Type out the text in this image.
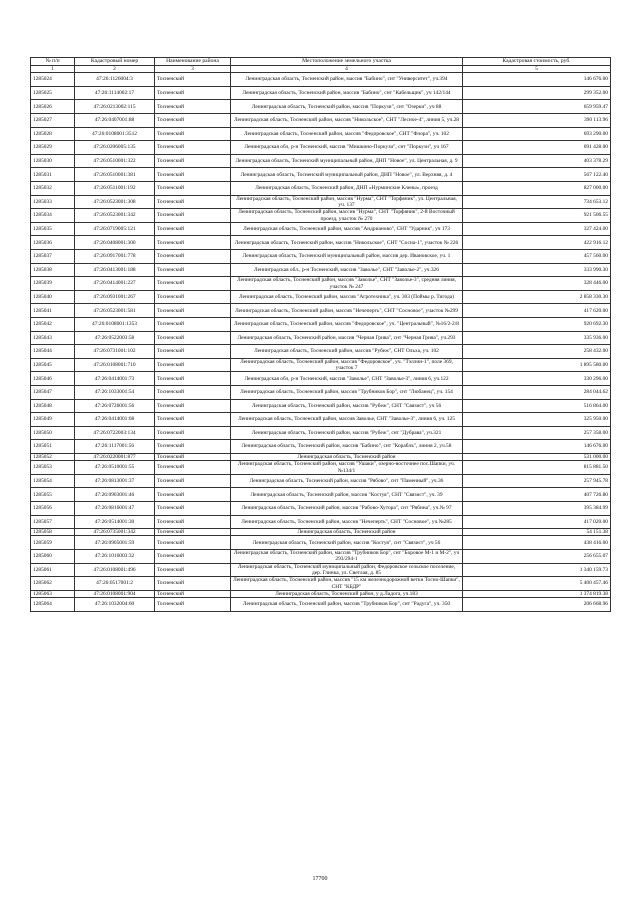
№ п/п	Кадастровый номер	Наименование района	Местоположение земельного участка	Кадастровая стоимость, руб.
1	2	3	4	5
1285024	47:26:1126004:3	Тосненский	Ленинградская область, Тосненский район, массив "Бабино", снт "Университет", уч.394	146 676.00
1285025	47:26:1114002:17	Тосненский	Ленинградская область, Тосненский район, массив "Бабино", снт "Кабельщик", уч 142/144	299 352.00
1285026	47:26:0213002:115	Тосненский	Ленинградская область, Тосненский район, массив "Поркузи", снт "Озерки", уч 88	659 959.47
1285027	47:26:0407001:88	Тосненский	Ленинградская область, Тосненский район, массив "Никольское", СНТ "Лесное-4", линия 5, уч.28	390 113.96
1285028	47:26:0108001:3512	Тосненский	Ленинградская область, Тосненский район, массив "Федоровское", СНТ "Флора", уч. 102	693 290.00
1285029	47:26:0206005:135	Тосненский	Ленинградская обл, р-н Тосненский, массив "Мишкино-Поркузи", снт "Поркузи", уч 167	691 428.00
1285030	47:26:0510001:322	Тосненский	Ленинградская область, Тосненский муниципальный район, ДНП "Новое", ул. Центральная, д. 9	403 378.29
1285031	47:26:0510001:381	Тосненский	Ленинградская область, Тосненский муниципальный район, ДНП "Новое", ул. Верхняя, д. 4	567 122.40
1285032	47:26:0511001:192	Тосненский	Ленинградская область, Тосненский район, ДНП «Нурминские Клены», проезд	827 000.00
1285033	47:26:0523001:308	Тосненский	Ленинградская область, Тосненский район, массив "Нурма", СНТ "Торфяник", ул. Центральная, уч. 137	734 653.12
1285034	47:26:0523001:342	Тосненский	Ленинградская область, Тосненский район, массив "Нурма", СНТ "Торфяник", 2-й Восточный проезд, участок № 270	921 506.55
1285035	47:26:0719005:121	Тосненский	Ленинградская область, Тосненский район, массив "Андрианово", СНТ "Ударник", уч 173	327 424.00
1285036	47:26:0408001:300	Тосненский	Ленинградская область, Тосненский район, массив "Никольское", СНТ "Сосна-1", участок № 226	422 916.12
1285037	47:26:0917001:778	Тосненский	Ленинградская область, Тосненский муниципальный район, массив дер. Ивановское, уч. 1	457 560.00
1285038	47:26:0413001:188	Тосненский	Ленинградская обл., р-н Тосненский, массив "Заволье", СНТ "Заволье-2", уч.326	333 990.30
1285039	47:26:0414001:227	Тосненский	Ленинградская область, Тосненский район, массив "Заволье", СНТ "Заволье-3", средняя линия, участок № 247	328 446.00
1285040	47:26:0931001:267	Тосненский	Ленинградская область, Тосненский район, массив "Агротехника", уч. 303 (Поймы р. Тигода)	2 858 330.30
1285041	47:26:0523001:581	Тосненский	Ленинградская область, Тосненский район, массив "Нечеперть", СНТ "Сосновое", участок №299	417 620.00
1285042	47:26:0108001:1353	Тосненский	Ленинградская область, Тосненский район, массив "Федоровское", уч. "Центральный", №16/2-2/8	920 692.30
1285043	47:26:0522003:58	Тосненский	Ленинградская область, Тосненский район, массив "Черная Грива", снт "Черная Грива", уч.293	335 936.00
1285044	47:26:0731001:102	Тосненский	Ленинградская область, Тосненский район, массив "Рубеж", СНТ Ольха, уч. 102	258 432.00
1285045	47:26:0108001:710	Тосненский	Ленинградская область, Тосненский район, массив "Федоровское", уч. "Тэллин-1", поле 369, участок 7	1 895 580.00
1285046	47:26:0414001:73	Тосненский	Ленинградская обл, р-н Тосненский, массив "Заволье", СНТ "Заволье-3", линия 6, уч.122	330 296.00
1285047	47:26:1033001:54	Тосненский	Ленинградская область, Тосненский район, массив "Трубников Бор", снт "Любанец", уч. 154	284 044.62
1285048	47:26:0726001:56	Тосненский	Ленинградская область, Тосненский район, массив "Рубеж", СНТ "Связист", уч 56	516 864.00
1285049	47:26:0414001:68	Тосненский	Ленинградская область, Тосненский район, массив Заволье, СНТ "Заволье-3", линия 6, уч. 125	325 950.00
1285050	47:26:0722003:134	Тосненский	Ленинградская область, Тосненский район, массив "Рубеж", снт "Дубрава", уч.321	257 358.00
1285051	47:26:1117001:56	Тосненский	Ленинградская область, Тосненский район, массив "Бабино", снт "Кораблъ", линия 2, уч.58	146 676.00
1285052	47:26:0220001:877	Тосненский	Ленинградская область, Тосненский район	531 000.00
1285053	47:26:0510001:55	Тосненский	Ленинградская область, Тосненский район, массив "Ушаки", озерно-восточнее пос.Шапки, уч.№134/1	815 881.50
1285054	47:26:0813001:37	Тосненский	Ленинградская область, Тосненский район, массив "Рябово", снт "Паменный", уч.36	257 945.78
1285055	47:26:0903001:46	Тосненский	Ленинградская область, Тосненский район, массив "Костуя", СНТ "Связист", уч. 39	407 726.80
1285056	47:26:0816001:47	Тосненский	Ленинградская область, Тосненский район, массив "Рабово-Хутора", снт "Рябина", уч.№ 97	395 384.99
1285057	47:26:0514001:30	Тосненский	Ленинградская область, Тосненский район, массив "Нечеперть", СНТ "Сосновое", уч.№285	417 020.00
1285058	47:26:0735001:342	Тосненский	Ленинградская область, Тосненский район	54 151.38
1285059	47:26:0905001:59	Тосненский	Ленинградская область, Тосненский район, массив "Костуя", снт "Связист", уч 56	438 416.00
1285060	47:26:1016003:32	Тосненский	Ленинградская область, Тосненский район, массив "Трубников Бор", снт "Боровое М-1 и М-2", уч 293/294-1	256 655.07
1285061	47:26:0108001:496	Тосненский	Ленинградская область, Тосненский муниципальный район, Федоровское сельское поселение, дер. Глинка, ул. Светлая, д. 85	1 340 159.73
1285062	47:26:0517001:2	Тосненский	Ленинградская область, Тосненский район, массив "15 км железнодорожной ветки Тосно-Шапки", СНТ "КБДР"	5 400 457.46
1285063	47:26:0108001:904	Тосненский	Ленинградская область, Тосненский район, у д.Ладога, уч.183	1 374 819.38
1285064	47:26:1032004:60	Тосненский	Ленинградская область, Тосненский район, массив "Трубников Бор", снт "Радуга", уч. 350	206 668.96
17700
